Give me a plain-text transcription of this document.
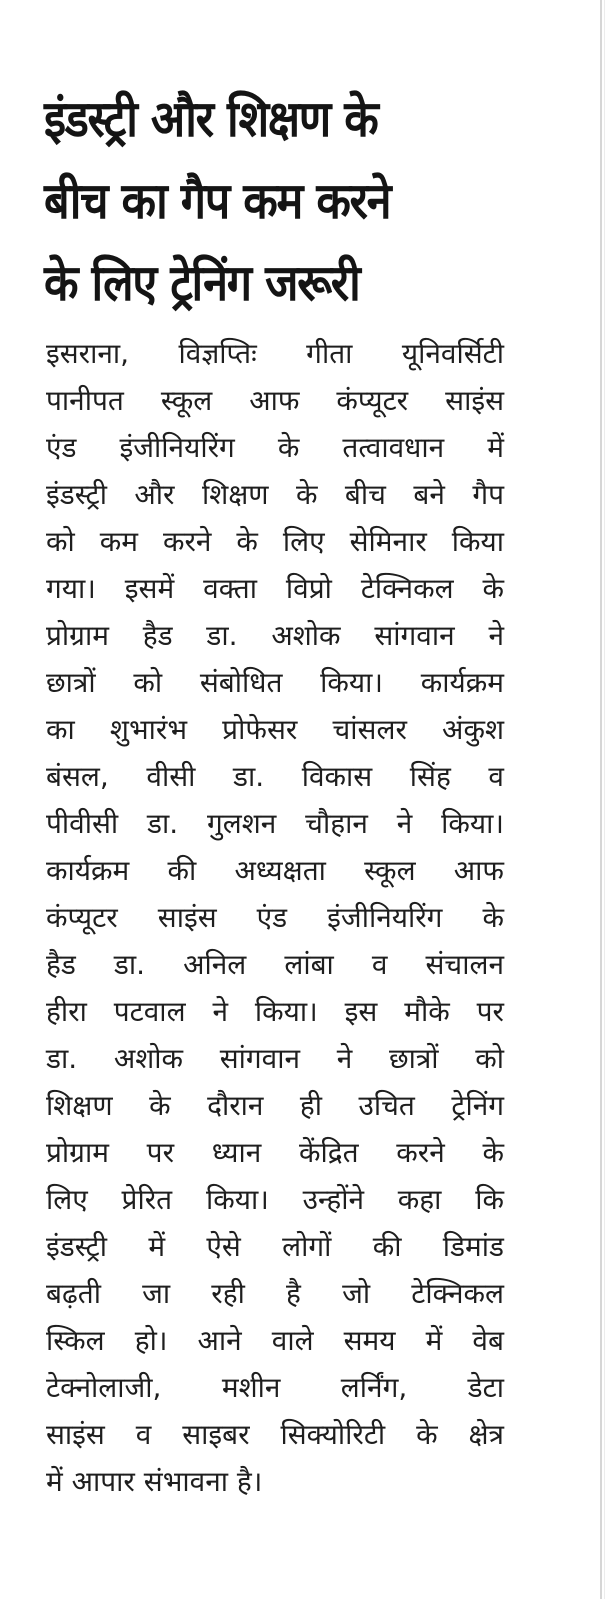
इंडस्ट्री और शिक्षण के
बीच का गैप कम करने
के लिए ट्रेनिंग जरूरी
इसराना, विज्ञप्तिः गीता यूनिवर्सिटी
पानीपत स्कूल आफ कंप्यूटर साइंस
एंड इंजीनियरिंग के तत्वावधान में
इंडस्ट्री और शिक्षण के बीच बने गैप
को कम करने के लिए सेमिनार किया
गया। इसमें वक्ता विप्रो टेक्निकल के
प्रोग्राम हैड डा. अशोक सांगवान ने
छात्रों को संबोधित किया। कार्यक्रम
का शुभारंभ प्रोफेसर चांसलर अंकुश
बंसल, वीसी डा. विकास सिंह व
पीवीसी डा. गुलशन चौहान ने किया।
कार्यक्रम की अध्यक्षता स्कूल आफ
कंप्यूटर साइंस एंड इंजीनियरिंग के
हैड डा. अनिल लांबा व संचालन
हीरा पटवाल ने किया। इस मौके पर
डा. अशोक सांगवान ने छात्रों को
शिक्षण के दौरान ही उचित ट्रेनिंग
प्रोग्राम पर ध्यान केंद्रित करने के
लिए प्रेरित किया। उन्होंने कहा कि
इंडस्ट्री में ऐसे लोगों की डिमांड
बढ़ती जा रही है जो टेक्निकल
स्किल हो। आने वाले समय में वेब
टेक्नोलाजी, मशीन लर्निंग, डेटा
साइंस व साइबर सिक्योरिटी के क्षेत्र
में आपार संभावना है।
